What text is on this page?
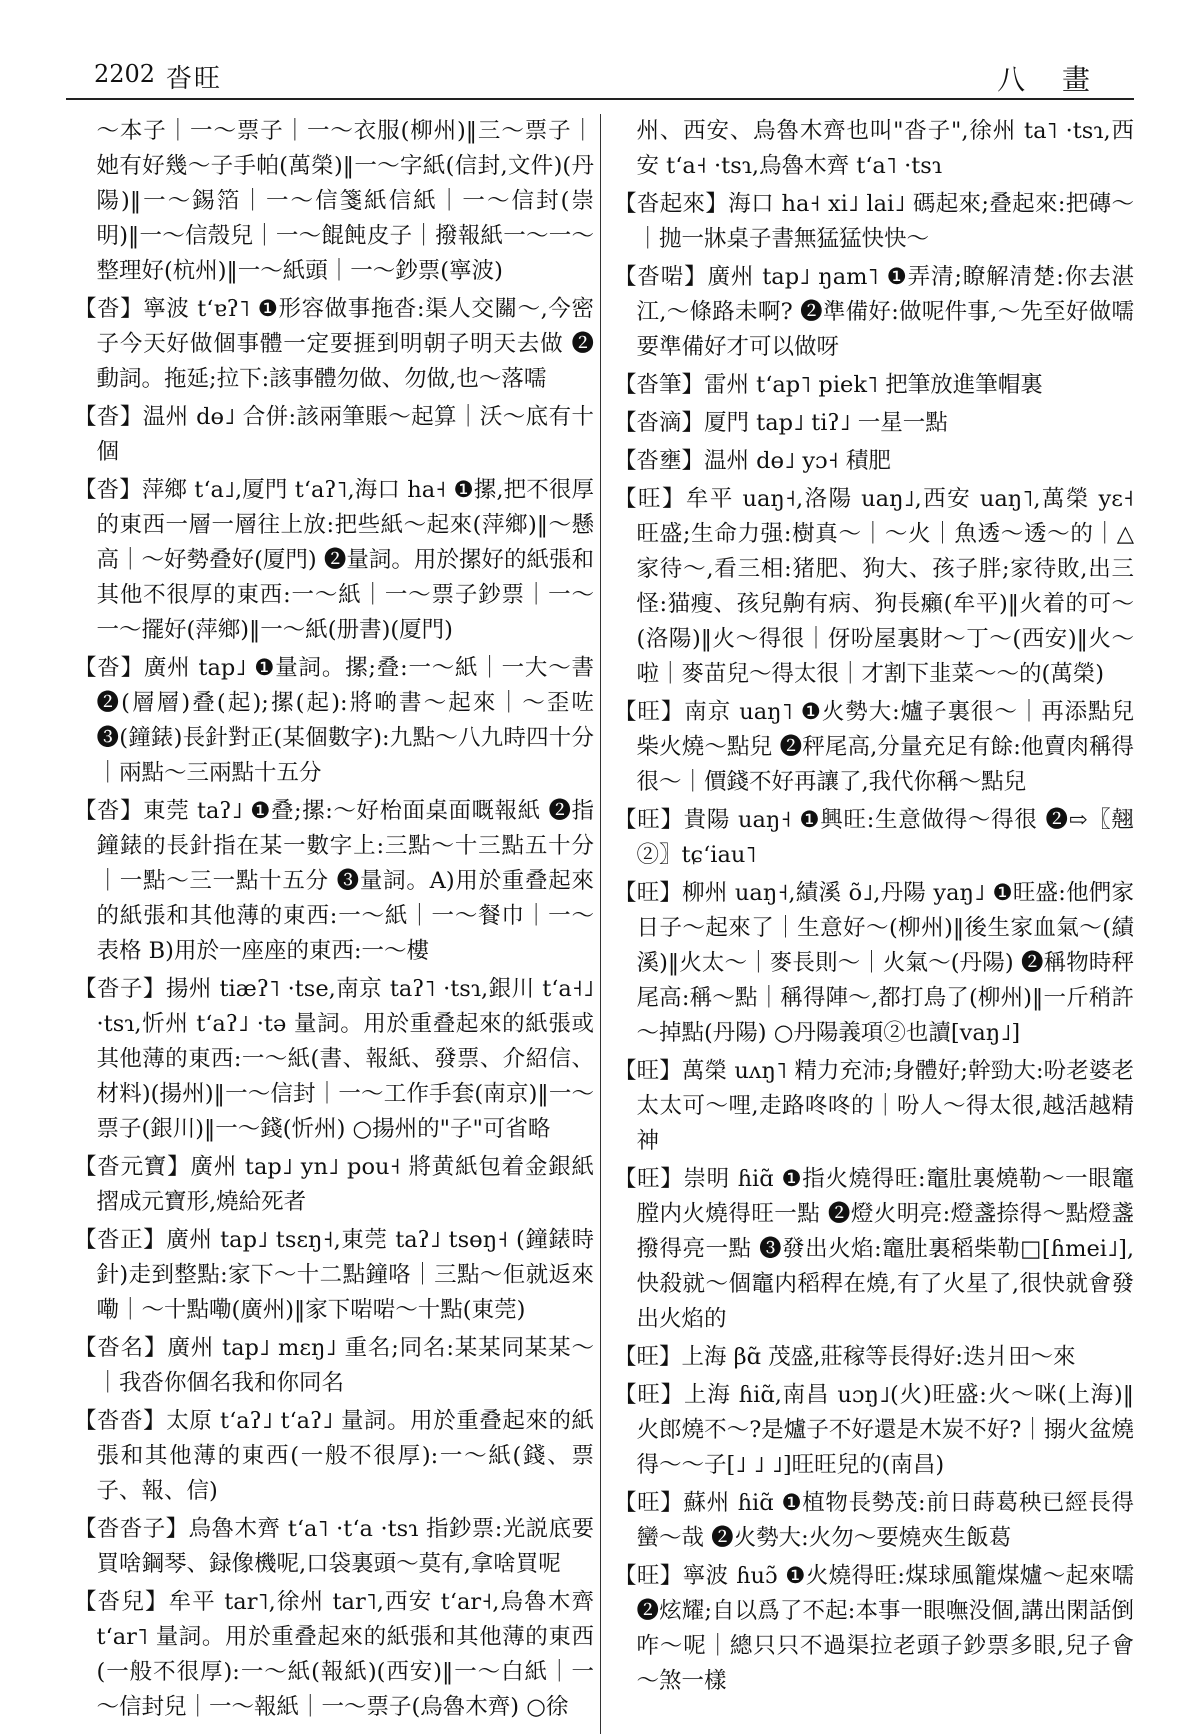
2202 沓旺	八 畫

～本子｜一～票子｜一～衣服(柳州)‖三～票子｜她有好幾～子手帕(萬榮)‖一～字紙(信封,文件)(丹陽)‖一～錫箔｜一～信箋紙信紙｜一～信封(崇明)‖一～信殼兒｜一～餛飩皮子｜撥報紙一～一～整理好(杭州)‖一～紙頭｜一～鈔票(寧波)

【沓】寧波 tʻɐʔ˥ ❶形容做事拖沓:渠人交關～,今密子今天好做個事體一定要捱到明朝子明天去做 ❷動詞。拖延;拉下:該事體勿做、勿做,也～落嚅

【沓】温州 dɵ˩ 合併:該兩筆賬～起算｜沃～底有十個

【沓】萍鄉 tʻa˩,厦門 tʻaʔ˥,海口 ha˧ ❶摞,把不很厚的東西一層一層往上放:把些紙～起來(萍鄉)‖～懸高｜～好勢叠好(厦門) ❷量詞。用於摞好的紙張和其他不很厚的東西:一～紙｜一～票子鈔票｜一～一～擺好(萍鄉)‖一～紙(册書)(厦門)

【沓】廣州 tap˩ ❶量詞。摞;叠:一～紙｜一大～書 ❷(層層)叠(起);摞(起):將啲書～起來｜～歪咗 ❸(鐘錶)長針對正(某個數字):九點～八九時四十分｜兩點～三兩點十五分

【沓】東莞 taʔ˩ ❶叠;摞:～好枱面桌面嘅報紙 ❷指鐘錶的長針指在某一數字上:三點～十三點五十分｜一點～三一點十五分 ❸量詞。A)用於重叠起來的紙張和其他薄的東西:一～紙｜一～餐巾｜一～表格 B)用於一座座的東西:一～樓

【沓子】揚州 tiæʔ˥ ·tse,南京 taʔ˥ ·tsɿ,銀川 tʻa˧˩ ·tsɿ,忻州 tʻaʔ˩ ·tə 量詞。用於重叠起來的紙張或其他薄的東西:一～紙(書、報紙、發票、介紹信、材料)(揚州)‖一～信封｜一～工作手套(南京)‖一～票子(銀川)‖一～錢(忻州) ○揚州的"子"可省略

【沓元寶】廣州 tap˩ yn˩ pou˧ 將黄紙包着金銀紙摺成元寶形,燒給死者

【沓正】廣州 tap˩ tsɛŋ˧,東莞 taʔ˩ tsɵŋ˧ (鐘錶時針)走到整點:家下～十二點鐘咯｜三點～佢就返來嘞｜～十點嘞(廣州)‖家下啱啱～十點(東莞)

【沓名】廣州 tap˩ mɛŋ˩ 重名;同名:某某同某某～｜我沓你個名我和你同名

【沓沓】太原 tʻaʔ˩ tʻaʔ˩ 量詞。用於重叠起來的紙張和其他薄的東西(一般不很厚):一～紙(錢、票子、報、信)

【沓沓子】烏魯木齊 tʻa˥ ·tʻa ·tsɿ 指鈔票:光説底要買啥鋼琴、録像機呢,口袋裏頭～莫有,拿啥買呢

【沓兒】牟平 tar˥,徐州 tar˥,西安 tʻar˧,烏魯木齊 tʻar˥ 量詞。用於重叠起來的紙張和其他薄的東西(一般不很厚):一～紙(報紙)(西安)‖一～白紙｜一～信封兒｜一～報紙｜一～票子(烏魯木齊) ○徐

州、西安、烏魯木齊也叫"沓子",徐州 ta˥ ·tsɿ,西安 tʻa˧ ·tsɿ,烏魯木齊 tʻa˥ ·tsɿ

【沓起來】海口 ha˧ xi˩ lai˩ 碼起來;叠起來:把磚～｜抛一牀桌子書無猛猛快快～

【沓啱】廣州 tap˩ ŋam˥ ❶弄清;瞭解清楚:你去湛江,～條路未啊? ❷準備好:做呢件事,～先至好做嚅要準備好才可以做呀

【沓筆】雷州 tʻap˥ piek˥ 把筆放進筆帽裏

【沓滴】厦門 tap˩ tiʔ˩ 一星一點

【沓壅】温州 dɵ˩ yɔ˧ 積肥

【旺】牟平 uaŋ˧,洛陽 uaŋ˩,西安 uaŋ˥,萬榮 yɛ˧ 旺盛;生命力强:樹真～｜～火｜魚透～透～的｜△家待～,看三相:猪肥、狗大、孩子胖;家待敗,出三怪:猫瘦、孩兒齁有病、狗長癩(牟平)‖火着的可～(洛陽)‖火～得很｜伢吩屋裏財～丁～(西安)‖火～啦｜麥苗兒～得太很｜才割下韭菜～～的(萬榮)

【旺】南京 uaŋ˥ ❶火勢大:爐子裏很～｜再添點兒柴火燒～點兒 ❷秤尾高,分量充足有餘:他賣肉稱得很～｜價錢不好再讓了,我代你稱～點兒

【旺】貴陽 uaŋ˧ ❶興旺:生意做得～得很 ❷⇨〖翹②〗tɕʻiau˥

【旺】柳州 uaŋ˧,績溪 õ˩,丹陽 yaŋ˩ ❶旺盛:他們家日子～起來了｜生意好～(柳州)‖後生家血氣～(績溪)‖火太～｜麥長則～｜火氣～(丹陽) ❷稱物時秤尾高:稱～點｜稱得陣～,都打鳥了(柳州)‖一斤稍許～掉點(丹陽) ○丹陽義項②也讀[vaŋ˩]

【旺】萬榮 uʌŋ˥ 精力充沛;身體好;幹勁大:吩老婆老太太可～哩,走路咚咚的｜吩人～得太很,越活越精神

【旺】崇明 ɦiɑ̃ ❶指火燒得旺:竈肚裏燒勒～一眼竈膛内火燒得旺一點 ❷燈火明亮:燈盞捺得～點燈盞撥得亮一點 ❸發出火焰:竈肚裏稻柴勒□[ɦmei˩],快殺就～個竈内稻稈在燒,有了火星了,很快就會發出火焰的

【旺】上海 βɑ̃ 茂盛,莊稼等長得好:迭爿田～來

【旺】上海 ɦiɑ̃,南昌 uɔŋ˩(火)旺盛:火～咪(上海)‖火郎燒不～?是爐子不好還是木炭不好?｜搦火盆燒得～～子[˩ ˩ ˩]旺旺兒的(南昌)

【旺】蘇州 ɦiɑ̃ ❶植物長勢茂:前日蒔葛秧已經長得蠻～哉 ❷火勢大:火勿～要燒夾生飯葛

【旺】寧波 ɦuɔ̃ ❶火燒得旺:煤球風籠煤爐～起來嚅 ❷炫耀;自以爲了不起:本事一眼嘸没個,講出閑話倒咋～呢｜總只只不過渠拉老頭子鈔票多眼,兒子會～煞一樣
